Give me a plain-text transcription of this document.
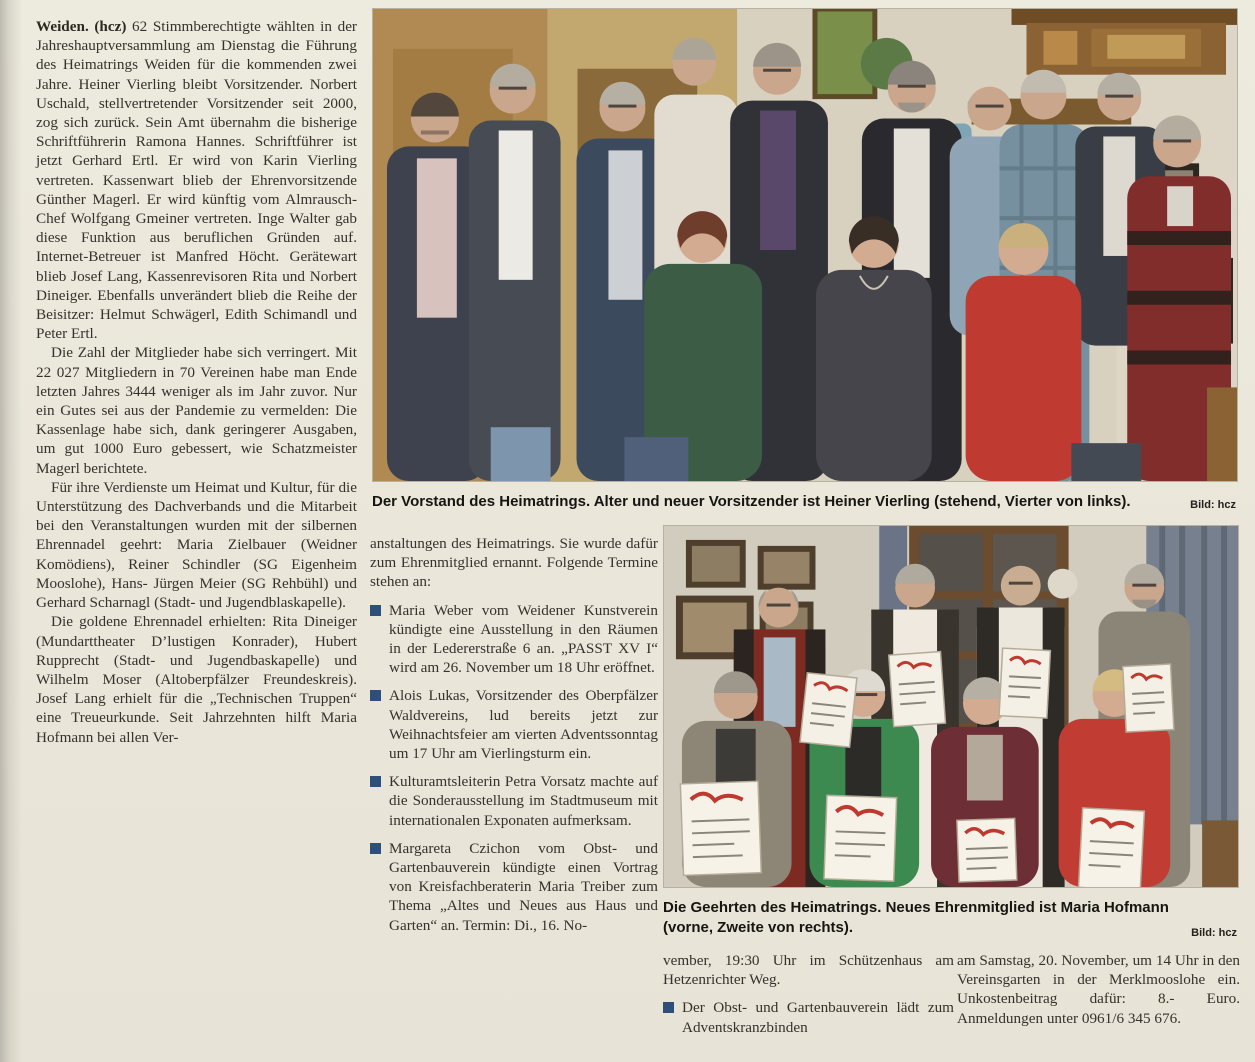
Weiden. (hcz) 62 Stimmberechtigte wählten in der Jahreshauptversammlung am Dienstag die Führung des Heimatrings Weiden für die kommenden zwei Jahre. Heiner Vierling bleibt Vorsitzender. Norbert Uschald, stellvertretender Vorsitzender seit 2000, zog sich zurück. Sein Amt übernahm die bisherige Schriftführerin Ramona Hannes. Schriftführer ist jetzt Gerhard Ertl. Er wird von Karin Vierling vertreten. Kassenwart blieb der Ehrenvorsitzende Günther Magerl. Er wird künftig vom Almrausch- Chef Wolfgang Gmeiner vertreten. Inge Walter gab diese Funktion aus beruflichen Gründen auf. Internet-Betreuer ist Manfred Höcht. Gerätewart blieb Josef Lang, Kassenrevisoren Rita und Norbert Dineiger. Ebenfalls unverändert blieb die Reihe der Beisitzer: Helmut Schwägerl, Edith Schimandl und Peter Ertl.

Die Zahl der Mitglieder habe sich verringert. Mit 22 027 Mitgliedern in 70 Vereinen habe man Ende letzten Jahres 3444 weniger als im Jahr zuvor. Nur ein Gutes sei aus der Pandemie zu vermelden: Die Kassenlage habe sich, dank geringerer Ausgaben, um gut 1000 Euro gebessert, wie Schatzmeister Magerl berichtete.

Für ihre Verdienste um Heimat und Kultur, für die Unterstützung des Dachverbands und die Mitarbeit bei den Veranstaltungen wurden mit der silbernen Ehrennadel geehrt: Maria Zielbauer (Weidner Komödiens), Reiner Schindler (SG Eigenheim Mooslohe), Hans- Jürgen Meier (SG Rehbühl) und Gerhard Scharnagl (Stadt- und Jugendblaskapelle).

Die goldene Ehrennadel erhielten: Rita Dineiger (Mundarttheater D’lustigen Konrader), Hubert Rupprecht (Stadt- und Jugendbaskapelle) und Wilhelm Moser (Altoberpfälzer Freundeskreis). Josef Lang erhielt für die „Technischen Truppen“ eine Treueurkunde. Seit Jahrzehnten hilft Maria Hofmann bei allen Ver-

Der Vorstand des Heimatrings. Alter und neuer Vorsitzender ist Heiner Vierling (stehend, Vierter von links).	Bild: hcz

anstaltungen des Heimatrings. Sie wurde dafür zum Ehrenmitglied ernannt. Folgende Termine stehen an:

Maria Weber vom Weidener Kunstverein kündigte eine Ausstellung in den Räumen in der Ledererstraße 6 an. „PASST XV I“ wird am 26. November um 18 Uhr eröffnet.
Alois Lukas, Vorsitzender des Oberpfälzer Waldvereins, lud bereits jetzt zur Weihnachtsfeier am vierten Adventssonntag um 17 Uhr am Vierlingsturm ein.
Kulturamtsleiterin Petra Vorsatz machte auf die Sonderausstellung im Stadtmuseum mit internationalen Exponaten aufmerksam.
Margareta Czichon vom Obst- und Gartenbauverein kündigte einen Vortrag von Kreisfachberaterin Maria Treiber zum Thema „Altes und Neues aus Haus und Garten“ an. Termin: Di., 16. No-
Die Geehrten des Heimatrings. Neues Ehrenmitglied ist Maria Hofmann (vorne, Zweite von rechts).	Bild: hcz

vember, 19:30 Uhr im Schützenhaus am Hetzenrichter Weg.

Der Obst- und Gartenbauverein lädt zum Adventskranzbinden

am Samstag, 20. November, um 14 Uhr in den Vereinsgarten in der Merklmooslohe ein. Unkostenbeitrag dafür: 8.- Euro. Anmeldungen unter 0961/6 345 676.
